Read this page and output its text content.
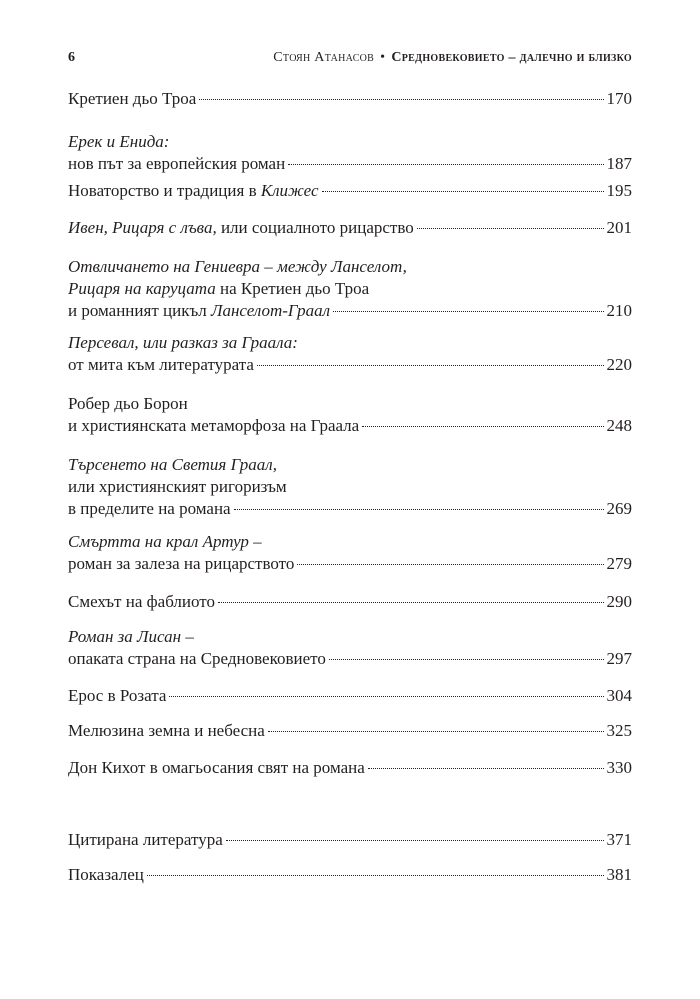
6	Стоян Атанасов • Средновековието – далечно и близко
Кретиен дьо Троа	170
Ерек и Енида:
нов път за европейския роман	187
Новаторство и традиция в Клижес	195
Ивен, Рицаря с лъва, или социалното рицарство	201
Отвличането на Гениевра – между Ланселот,
Рицаря на каруцата на Кретиен дьо Троа
и романният цикъл Ланселот-Граал	210
Персевал, или разказ за Граала:
от мита към литературата	220
Робер дьо Борон
и християнската метаморфоза на Граала	248
Търсенето на Светия Граал,
или християнският ригоризъм
в пределите на романа	269
Смъртта на крал Артур –
роман за залеза на рицарството	279
Смехът на фаблиото	290
Роман за Лисан –
опаката страна на Средновековието	297
Ерос в Розата	304
Мелюзина земна и небесна	325
Дон Кихот в омагьосания свят на романа	330
Цитирана литература	371
Показалец	381
